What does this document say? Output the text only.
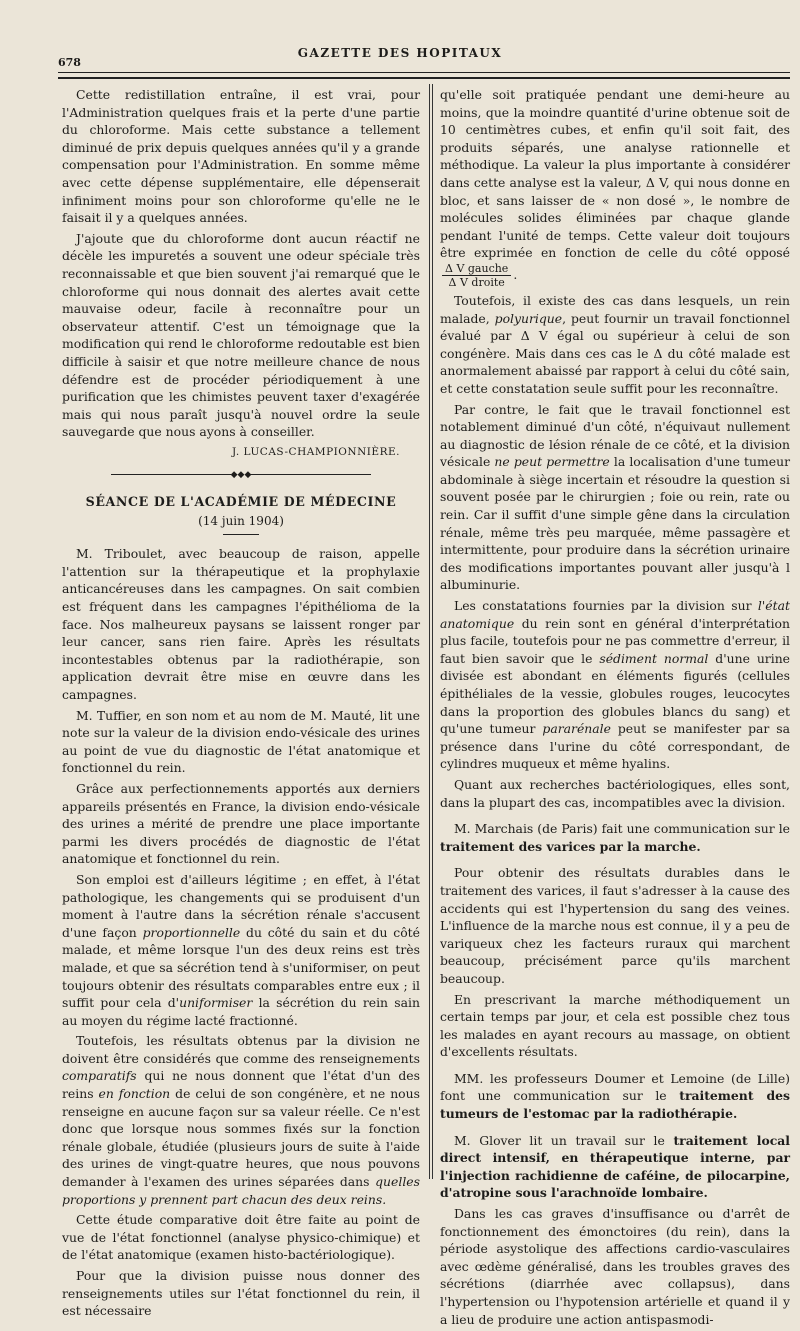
678
GAZETTE DES HOPITAUX

Cette redistillation entraîne, il est vrai, pour l'Administration quelques frais et la perte d'une partie du chloroforme. Mais cette substance a tellement diminué de prix depuis quelques années qu'il y a grande compensation pour l'Administration. En somme même avec cette dépense supplémentaire, elle dépenserait infiniment moins pour son chloroforme qu'elle ne le faisait il y a quelques années.

J'ajoute que du chloroforme dont aucun réactif ne décèle les impuretés a souvent une odeur spéciale très reconnaissable et que bien souvent j'ai remarqué que le chloroforme qui nous donnait des alertes avait cette mauvaise odeur, facile à reconnaître pour un observateur attentif. C'est un témoignage que la modification qui rend le chloroforme redoutable est bien difficile à saisir et que notre meilleure chance de nous défendre est de procéder périodiquement à une purification que les chimistes peuvent taxer d'exagérée mais qui nous paraît jusqu'à nouvel ordre la seule sauvegarde que nous ayons à conseiller.

J. LUCAS-CHAMPIONNIÈRE.

◆◆◆
SÉANCE DE L'ACADÉMIE DE MÉDECINE
(14 juin 1904)

M. Triboulet, avec beaucoup de raison, appelle l'attention sur la thérapeutique et la prophylaxie anticancéreuses dans les campagnes. On sait combien est fréquent dans les campagnes l'épithélioma de la face. Nos malheureux paysans se laissent ronger par leur cancer, sans rien faire. Après les résultats incontestables obtenus par la radiothérapie, son application devrait être mise en œuvre dans les campagnes.

M. Tuffier, en son nom et au nom de M. Mauté, lit une note sur la valeur de la division endo-vésicale des urines au point de vue du diagnostic de l'état anatomique et fonctionnel du rein.

Grâce aux perfectionnements apportés aux derniers appareils présentés en France, la division endo-vésicale des urines a mérité de prendre une place importante parmi les divers procédés de diagnostic de l'état anatomique et fonctionnel du rein.

Son emploi est d'ailleurs légitime ; en effet, à l'état pathologique, les changements qui se produisent d'un moment à l'autre dans la sécrétion rénale s'accusent d'une façon proportionnelle du côté du sain et du côté malade, et même lorsque l'un des deux reins est très malade, et que sa sécrétion tend à s'uniformiser, on peut toujours obtenir des résultats comparables entre eux ; il suffit pour cela d'uniformiser la sécrétion du rein sain au moyen du régime lacté fractionné.

Toutefois, les résultats obtenus par la division ne doivent être considérés que comme des renseignements comparatifs qui ne nous donnent que l'état d'un des reins en fonction de celui de son congénère, et ne nous renseigne en aucune façon sur sa valeur réelle. Ce n'est donc que lorsque nous sommes fixés sur la fonction rénale globale, étudiée (plusieurs jours de suite à l'aide des urines de vingt-quatre heures, que nous pouvons demander à l'examen des urines séparées dans quelles proportions y prennent part chacun des deux reins.

Cette étude comparative doit être faite au point de vue de l'état fonctionnel (analyse physico-chimique) et de l'état anatomique (examen histo-bactériologique).

Pour que la division puisse nous donner des renseignements utiles sur l'état fonctionnel du rein, il est nécessaire

qu'elle soit pratiquée pendant une demi-heure au moins, que la moindre quantité d'urine obtenue soit de 10 centimètres cubes, et enfin qu'il soit fait, des produits séparés, une analyse rationnelle et méthodique. La valeur la plus importante à considérer dans cette analyse est la valeur, Δ V, qui nous donne en bloc, et sans laisser de « non dosé », le nombre de molécules solides éliminées par chaque glande pendant l'unité de temps. Cette valeur doit toujours être exprimée en fonction de celle du côté opposé
$\frac{\text{Δ V gauche}}{\text{Δ V droite}}$ .

Toutefois, il existe des cas dans lesquels, un rein malade, polyurique, peut fournir un travail fonctionnel évalué par Δ V égal ou supérieur à celui de son congénère. Mais dans ces cas le Δ du côté malade est anormalement abaissé par rapport à celui du côté sain, et cette constatation seule suffit pour les reconnaître.

Par contre, le fait que le travail fonctionnel est notablement diminué d'un côté, n'équivaut nullement au diagnostic de lésion rénale de ce côté, et la division vésicale ne peut permettre la localisation d'une tumeur abdominale à siège incertain et résoudre la question si souvent posée par le chirurgien ; foie ou rein, rate ou rein. Car il suffit d'une simple gêne dans la circulation rénale, même très peu marquée, même passagère et intermittente, pour produire dans la sécrétion urinaire des modifications importantes pouvant aller jusqu'à l albuminurie.

Les constatations fournies par la division sur l'état anatomique du rein sont en général d'interprétation plus facile, toutefois pour ne pas commettre d'erreur, il faut bien savoir que le sédiment normal d'une urine divisée est abondant en éléments figurés (cellules épithéliales de la vessie, globules rouges, leucocytes dans la proportion des globules blancs du sang) et qu'une tumeur pararénale peut se manifester par sa présence dans l'urine du côté correspondant, de cylindres muqueux et même hyalins.

Quant aux recherches bactériologiques, elles sont, dans la plupart des cas, incompatibles avec la division.

M. Marchais (de Paris) fait une communication sur le traitement des varices par la marche.

Pour obtenir des résultats durables dans le traitement des varices, il faut s'adresser à la cause des accidents qui est l'hypertension du sang des veines. L'influence de la marche nous est connue, il y a peu de variqueux chez les facteurs ruraux qui marchent beaucoup, précisément parce qu'ils marchent beaucoup.

En prescrivant la marche méthodiquement un certain temps par jour, et cela est possible chez tous les malades en ayant recours au massage, on obtient d'excellents résultats.

MM. les professeurs Doumer et Lemoine (de Lille) font une communication sur le traitement des tumeurs de l'estomac par la radiothérapie.

M. Glover lit un travail sur le traitement local direct intensif, en thérapeutique interne, par l'injection rachidienne de caféine, de pilocarpine, d'atropine sous l'arachnoïde lombaire.

Dans les cas graves d'insuffisance ou d'arrêt de fonctionnement des émonctoires (du rein), dans la période asystolique des affections cardio-vasculaires avec œdème généralisé, dans les troubles graves des sécrétions (diarrhée avec collapsus), dans l'hypertension ou l'hypotension artérielle et quand il y a lieu de produire une action antispasmodi-
